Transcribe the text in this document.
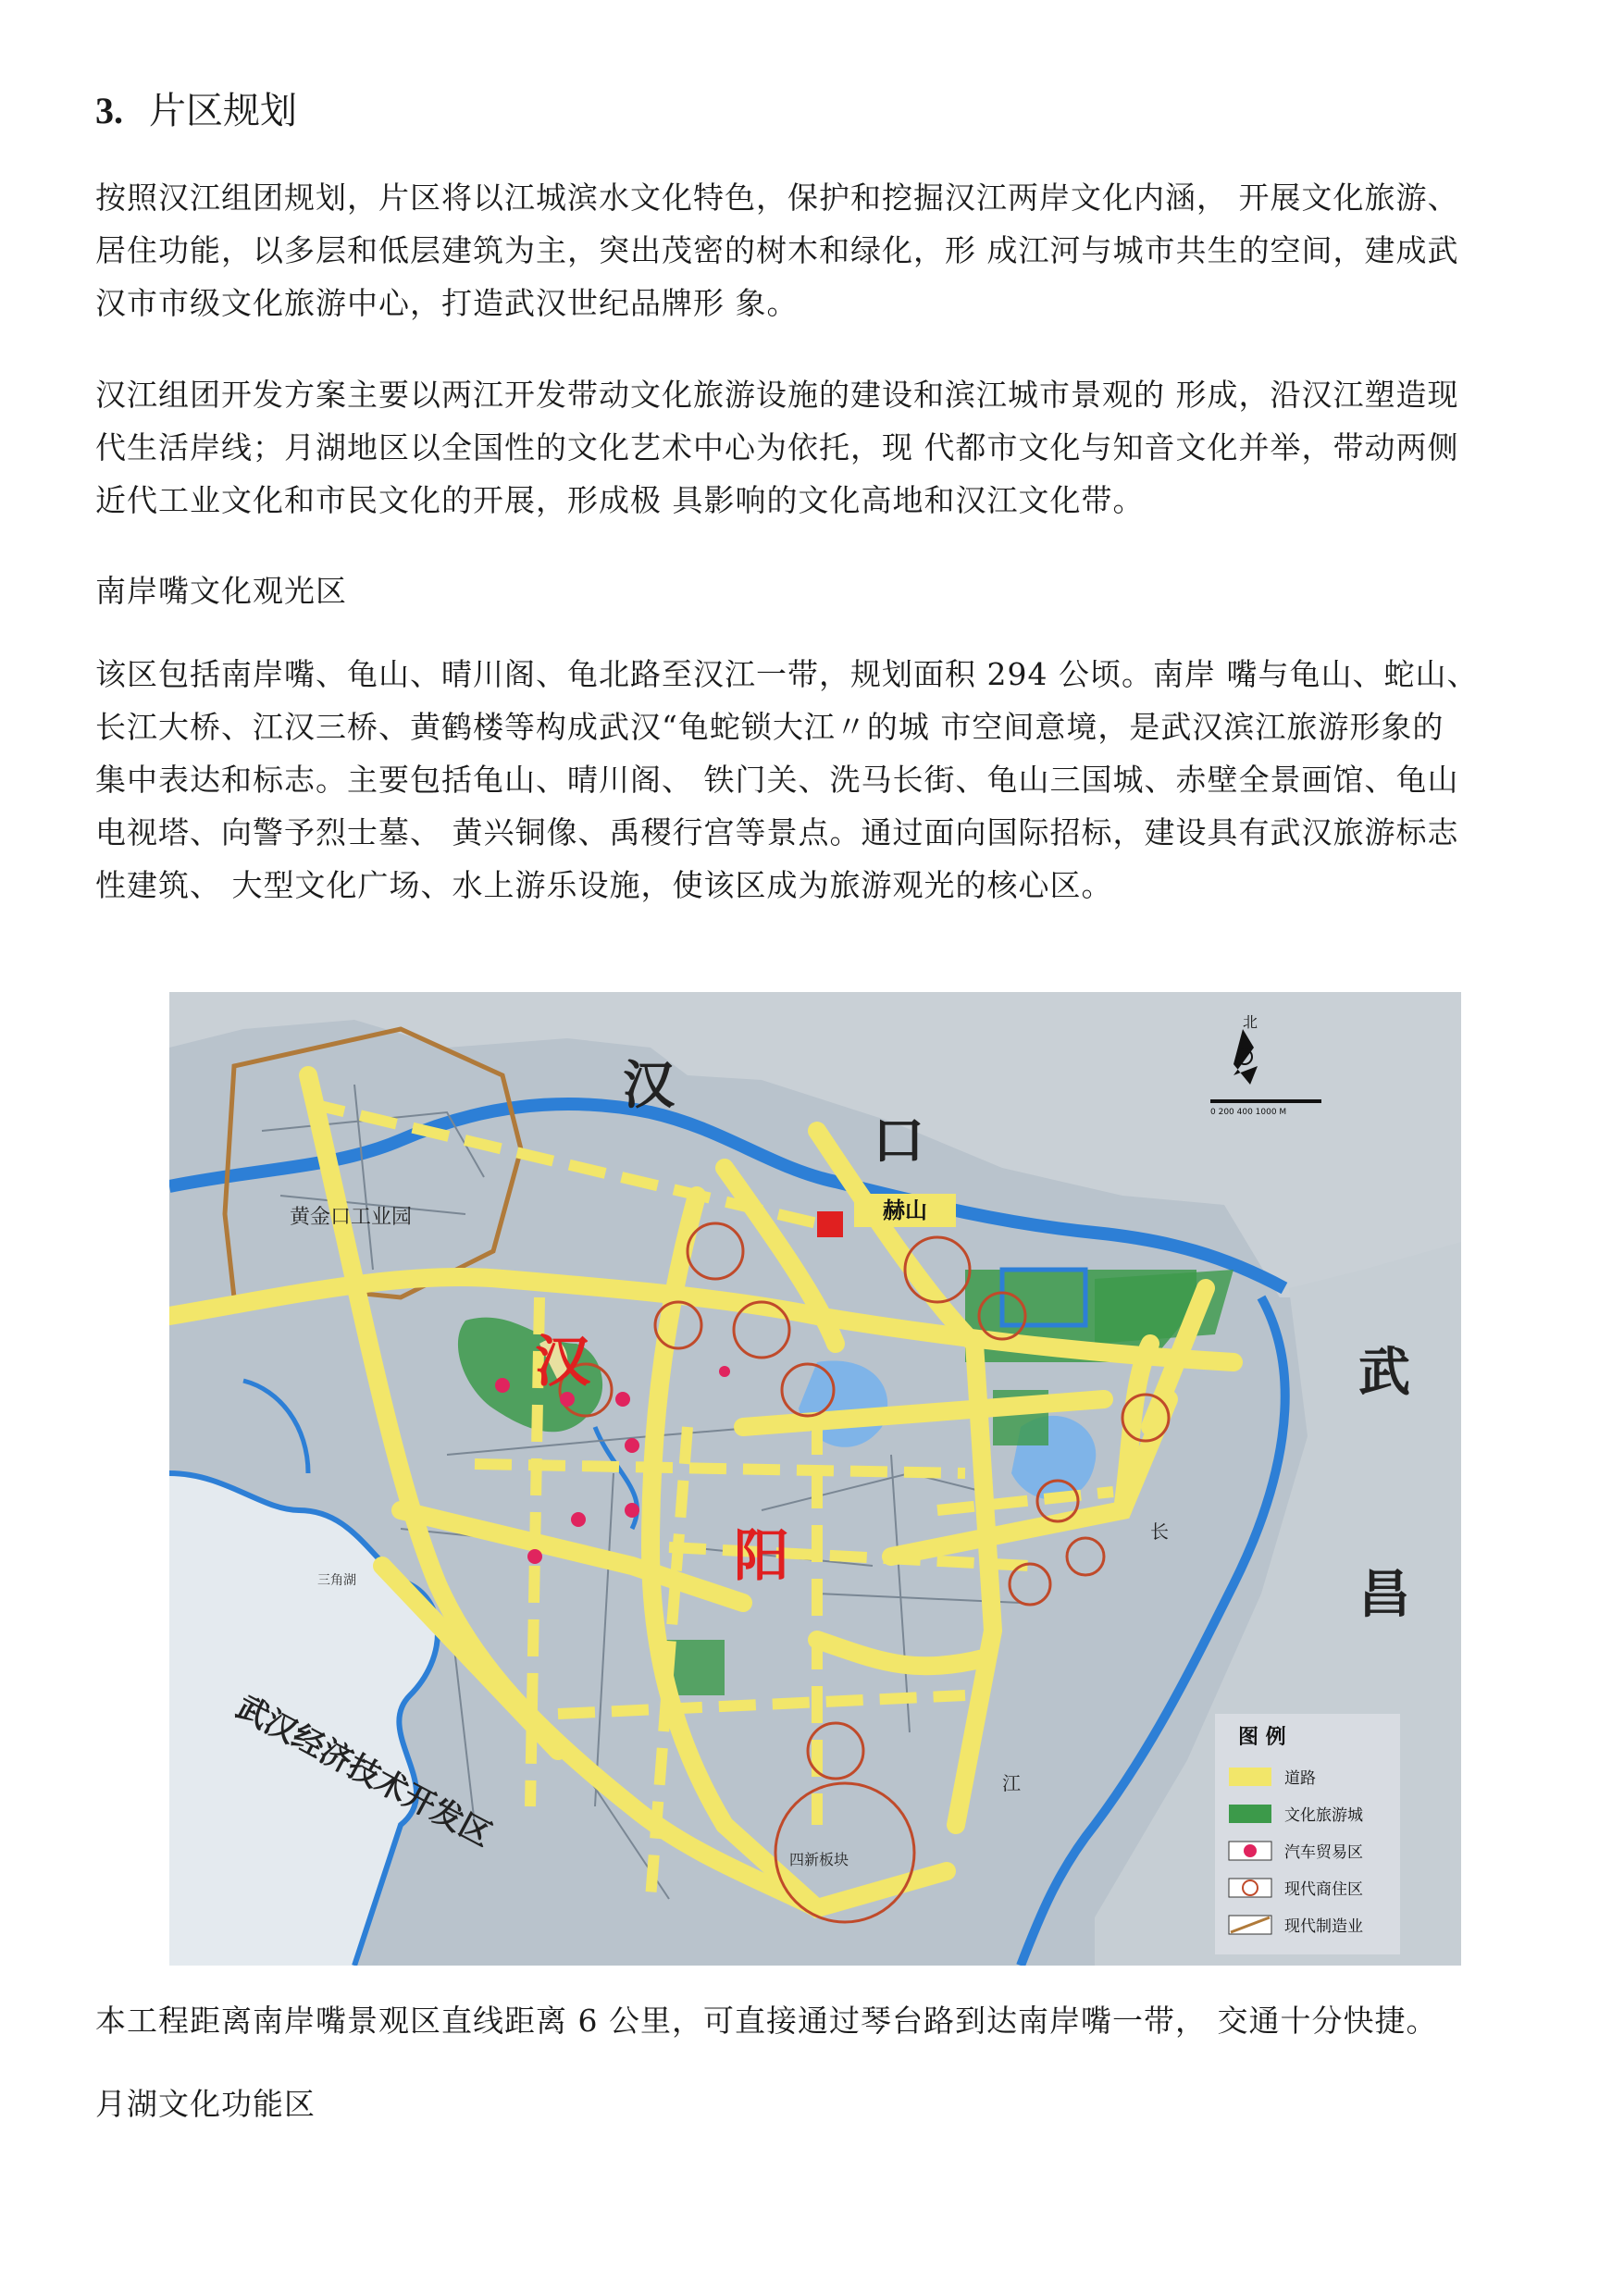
3. 片区规划
按照汉江组团规划，片区将以江城滨水文化特色，保护和挖掘汉江两岸文化内涵， 开展文化旅游、
居住功能，以多层和低层建筑为主，突出茂密的树木和绿化，形 成江河与城市共生的空间，建成武
汉市市级文化旅游中心，打造武汉世纪品牌形 象。
汉江组团开发方案主要以两江开发带动文化旅游设施的建设和滨江城市景观的 形成，沿汉江塑造现
代生活岸线；月湖地区以全国性的文化艺术中心为依托，现 代都市文化与知音文化并举，带动两侧
近代工业文化和市民文化的开展，形成极 具影响的文化高地和汉江文化带。
南岸嘴文化观光区
该区包括南岸嘴、龟山、晴川阁、龟北路至汉江一带，规划面积 294 公顷。南岸 嘴与龟山、蛇山、
长江大桥、江汉三桥、黄鹤楼等构成武汉“龟蛇锁大江〃的城 市空间意境，是武汉滨江旅游形象的
集中表达和标志。主要包括龟山、晴川阁、 铁门关、洗马长街、龟山三国城、赤壁全景画馆、龟山
电视塔、向警予烈士墓、 黄兴铜像、禹稷行宫等景点。通过面向国际招标，建设具有武汉旅游标志
性建筑、 大型文化广场、水上游乐设施，使该区成为旅游观光的核心区。
赫山
汉
口
武
昌
汉
阳
黄金口工业园
三角湖
四新板块
长
江
武汉经济技术开发区
北
0 200 400 1000 M
图 例
道路
文化旅游城
汽车贸易区
现代商住区
现代制造业
本工程距离南岸嘴景观区直线距离 6 公里，可直接通过琴台路到达南岸嘴一带， 交通十分快捷。
月湖文化功能区
